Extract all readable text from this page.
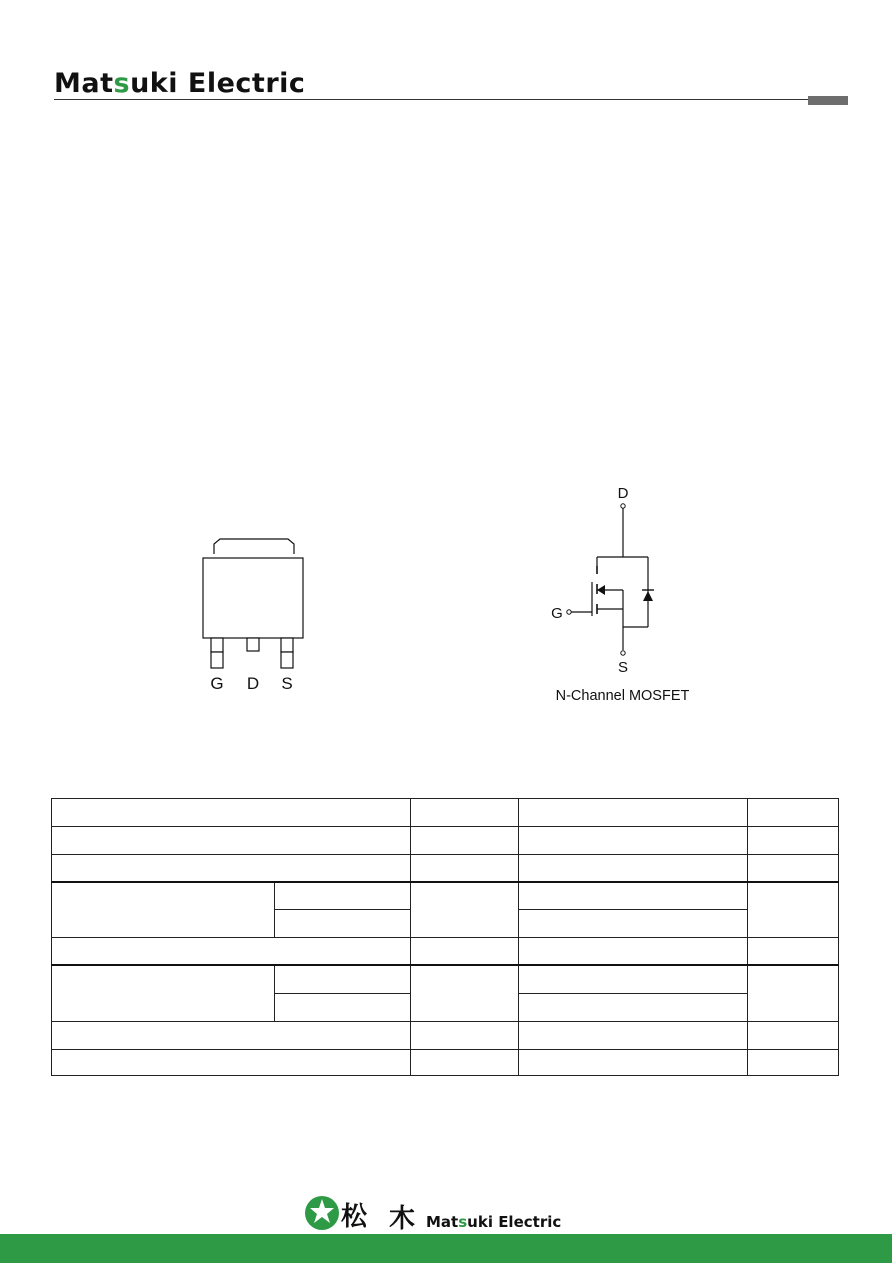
Matsuki Electric
G D S
D
G
S
N-Channel MOSFET

松 木 Matsuki Electric
